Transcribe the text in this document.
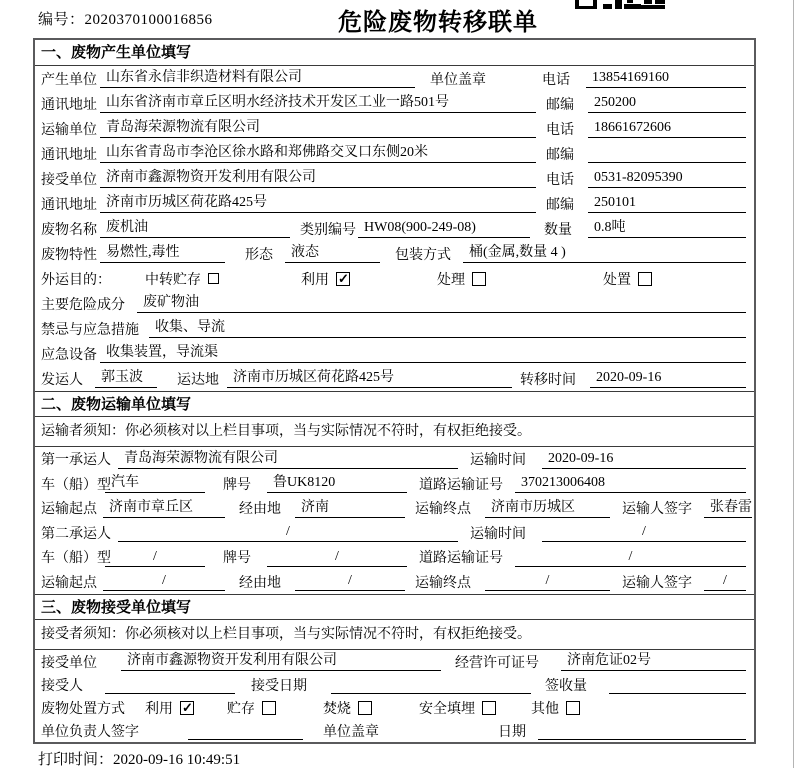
编号：2020370100016856	危险废物转移联单
一、废物产生单位填写
产生单位 山东省永信非织造材料有限公司	单位盖章	电话	13854169160
通讯地址 山东省济南市章丘区明水经济技术开发区工业一路501号	邮编	250200
运输单位 青岛海荣源物流有限公司	电话	18661672606
通讯地址 山东省青岛市李沧区徐水路和郑佛路交叉口东侧20米	邮编
接受单位 济南市鑫源物资开发利用有限公司	电话	0531-82095390
通讯地址 济南市历城区荷花路425号	邮编	250101
废物名称 废机油	类别编号 HW08(900-249-08)	数量	0.8吨
废物特性 易燃性,毒性	形态	液态	包装方式	桶(金属,数量 4 )
外运目的：	中转贮存	利用 ✓	处理	处置
主要危险成分	废矿物油
禁忌与应急措施	收集、导流
应急设备 收集装置，导流渠
发运人	郭玉波	运达地	济南市历城区荷花路425号	转移时间	2020-09-16
二、废物运输单位填写
运输者须知：你必须核对以上栏目事项，当与实际情况不符时，有权拒绝接受。
第一承运人 青岛海荣源物流有限公司	运输时间	2020-09-16
车（船）型 汽车	牌号	鲁UK8120	道路运输证号	370213006408
运输起点 济南市章丘区	经由地	济南	运输终点	济南市历城区	运输人签字	张春雷
第二承运人	/	运输时间	/
车（船）型	/	牌号	/	道路运输证号	/
运输起点	/	经由地	/	运输终点	/	运输人签字	/
三、废物接受单位填写
接受者须知：你必须核对以上栏目事项，当与实际情况不符时，有权拒绝接受。
接受单位	济南市鑫源物资开发利用有限公司	经营许可证号	济南危证02号
接受人	接受日期	签收量
废物处置方式	利用 ✓	贮存	焚烧	安全填埋	其他
单位负责人签字	单位盖章	日期
打印时间：2020-09-16 10:49:51
